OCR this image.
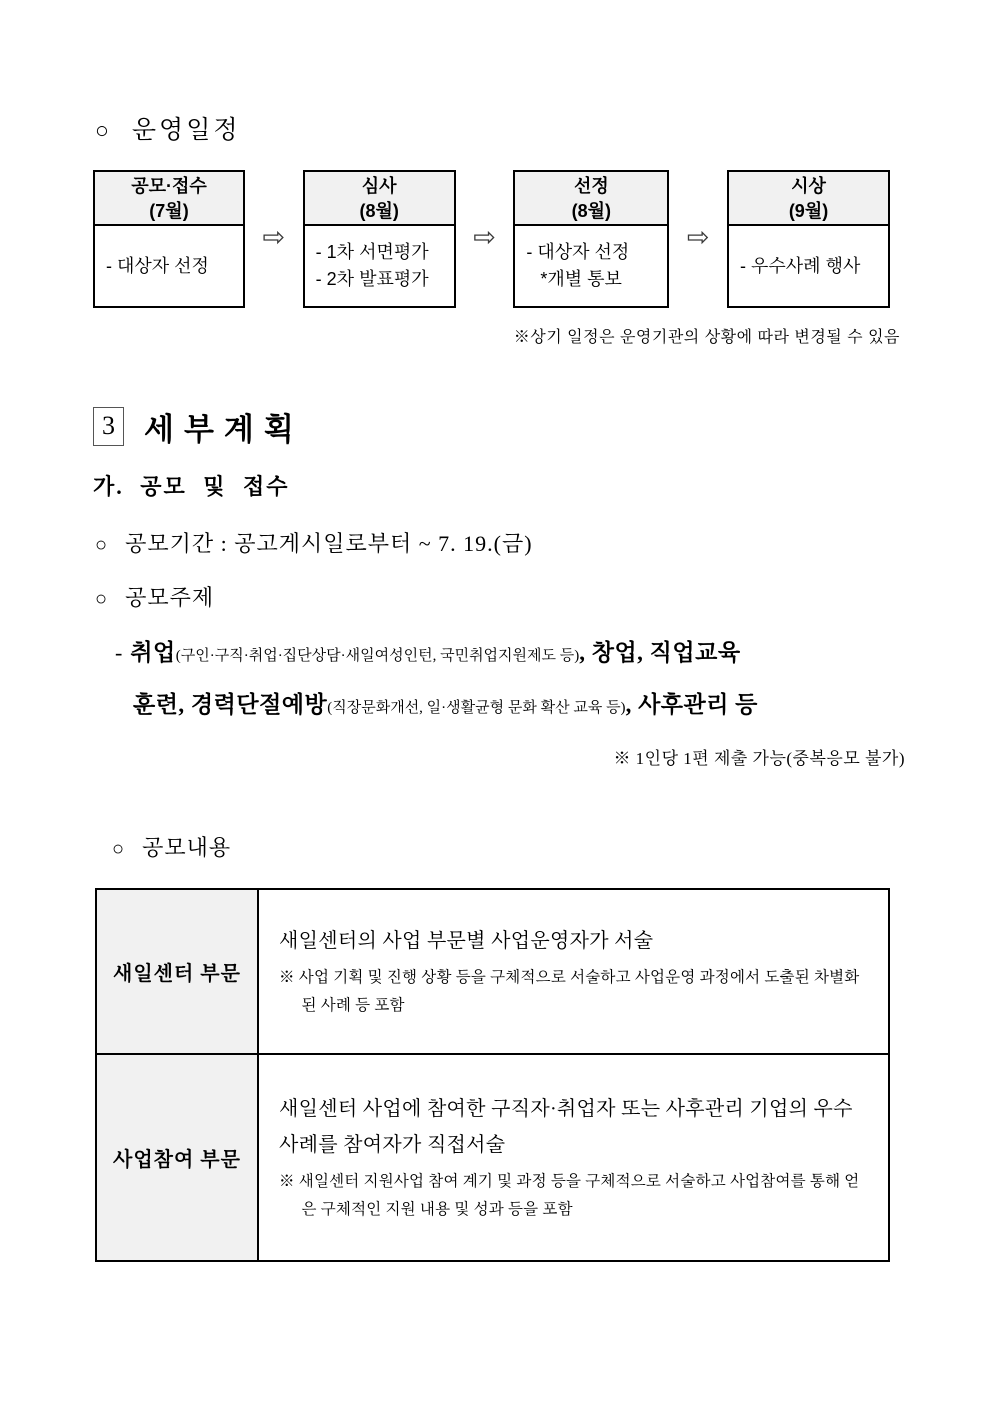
○ 운영일정
공모·접수
(7월)
- 대상자 선정
⇨
심사
(8월)
- 1차 서면평가
- 2차 발표평가
⇨
선정
(8월)
- 대상자 선정
*개별 통보
⇨
시상
(9월)
- 우수사례 행사
※상기 일정은 운영기관의 상황에 따라 변경될 수 있음
3 세부계획
가. 공모 및 접수
○ 공모기간 : 공고게시일로부터 ~ 7. 19.(금)
○ 공모주제
- 취업(구인·구직·취업·집단상담·새일여성인턴, 국민취업지원제도 등), 창업, 직업교육
훈련, 경력단절예방(직장문화개선, 일·생활균형 문화 확산 교육 등), 사후관리 등
※ 1인당 1편 제출 가능(중복응모 불가)
○ 공모내용
새일센터 부문	새일센터의 사업 부문별 사업운영자가 서술
※ 사업 기획 및 진행 상황 등을 구체적으로 서술하고 사업운영 과정에서 도출된 차별화된 사례 등 포함

사업참여 부문	새일센터 사업에 참여한 구직자·취업자 또는 사후관리 기업의 우수 사례를 참여자가 직접서술
※ 새일센터 지원사업 참여 계기 및 과정 등을 구체적으로 서술하고 사업참여를 통해 얻은 구체적인 지원 내용 및 성과 등을 포함
